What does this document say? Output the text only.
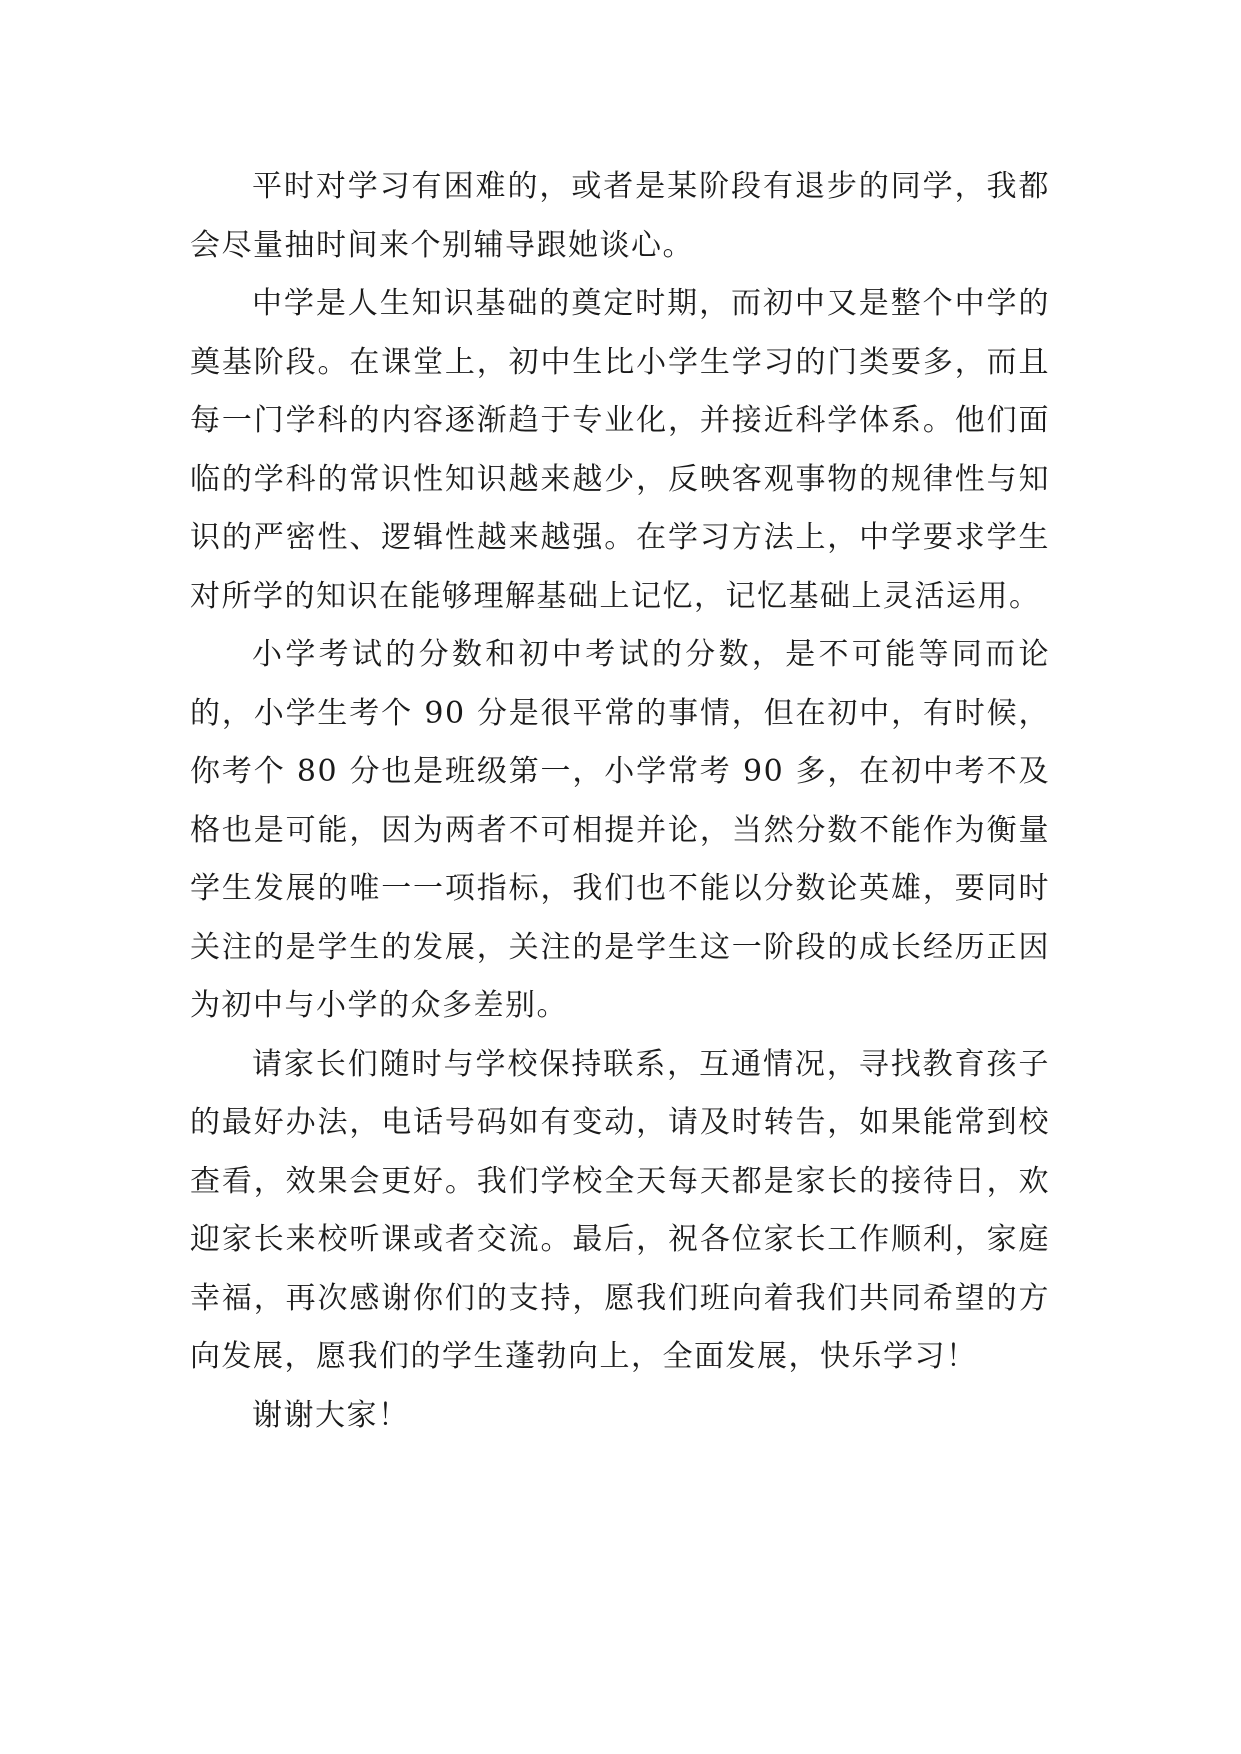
平时对学习有困难的，或者是某阶段有退步的同学，我都会尽量抽时间来个别辅导跟她谈心。

中学是人生知识基础的奠定时期，而初中又是整个中学的奠基阶段。在课堂上，初中生比小学生学习的门类要多，而且每一门学科的内容逐渐趋于专业化，并接近科学体系。他们面临的学科的常识性知识越来越少，反映客观事物的规律性与知识的严密性、逻辑性越来越强。在学习方法上，中学要求学生对所学的知识在能够理解基础上记忆，记忆基础上灵活运用。

小学考试的分数和初中考试的分数，是不可能等同而论的，小学生考个 90 分是很平常的事情，但在初中，有时候，你考个 80 分也是班级第一，小学常考 90 多，在初中考不及格也是可能，因为两者不可相提并论，当然分数不能作为衡量学生发展的唯一一项指标，我们也不能以分数论英雄，要同时关注的是学生的发展，关注的是学生这一阶段的成长经历正因为初中与小学的众多差别。

请家长们随时与学校保持联系，互通情况，寻找教育孩子的最好办法，电话号码如有变动，请及时转告，如果能常到校查看，效果会更好。我们学校全天每天都是家长的接待日，欢迎家长来校听课或者交流。最后，祝各位家长工作顺利，家庭幸福，再次感谢你们的支持，愿我们班向着我们共同希望的方向发展，愿我们的学生蓬勃向上，全面发展，快乐学习！

谢谢大家！
